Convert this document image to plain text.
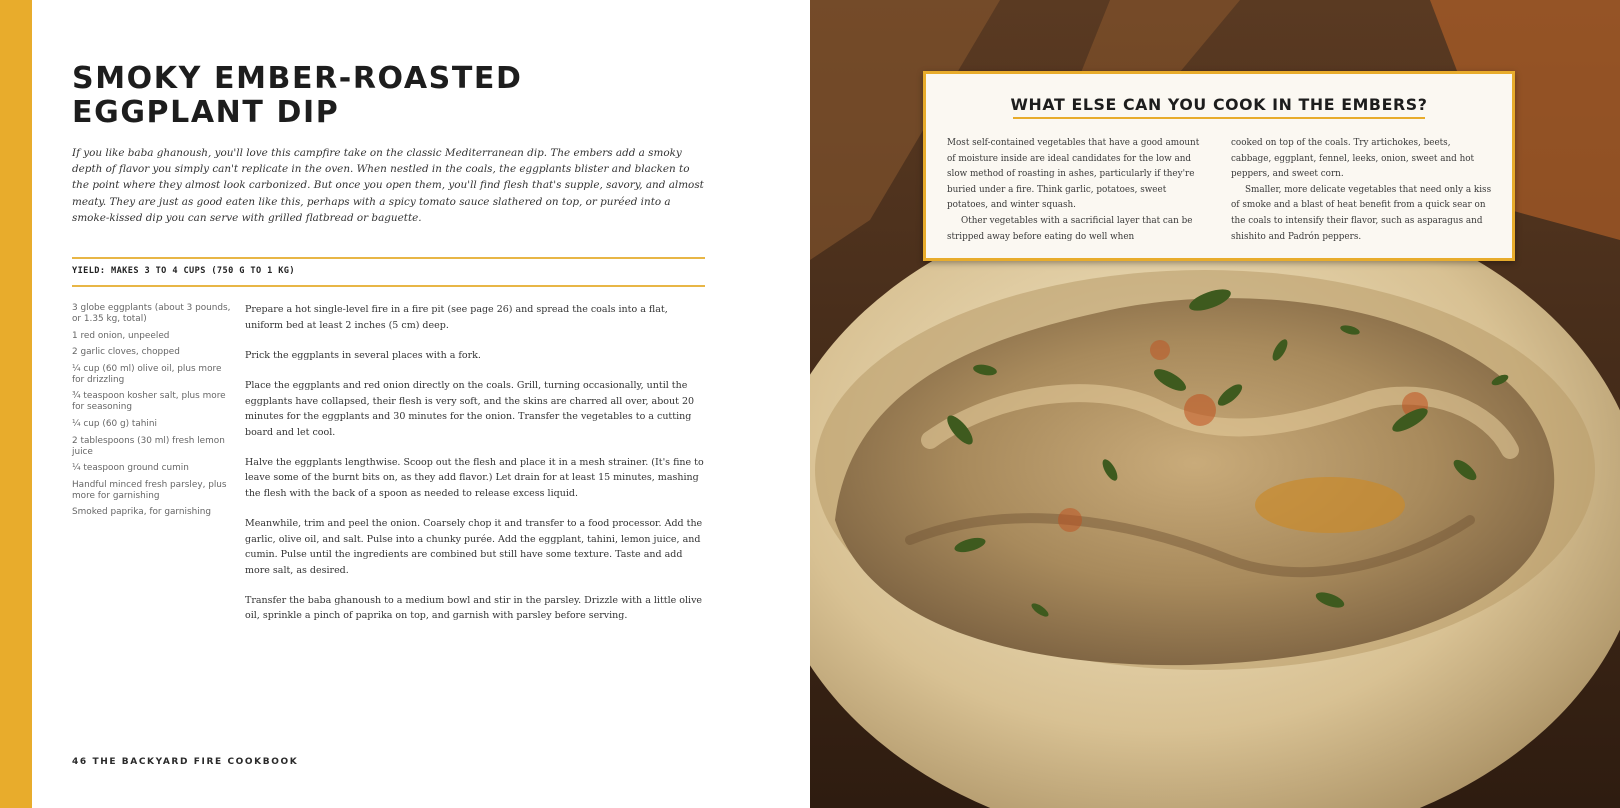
SMOKY EMBER-ROASTED
EGGPLANT DIP

If you like baba ghanoush, you'll love this campfire take on the classic Mediterranean dip. The embers add a smoky depth of flavor you simply can't replicate in the oven. When nestled in the coals, the eggplants blister and blacken to the point where they almost look carbonized. But once you open them, you'll find flesh that's supple, savory, and almost meaty. They are just as good eaten like this, perhaps with a spicy tomato sauce slathered on top, or puréed into a smoke-kissed dip you can serve with grilled flatbread or baguette.

YIELD: MAKES 3 TO 4 CUPS (750 G TO 1 KG)
3 globe eggplants (about 3 pounds, or 1.35 kg, total)
1 red onion, unpeeled
2 garlic cloves, chopped
¼ cup (60 ml) olive oil, plus more for drizzling
¾ teaspoon kosher salt, plus more for seasoning
¼ cup (60 g) tahini
2 tablespoons (30 ml) fresh lemon juice
¼ teaspoon ground cumin
Handful minced fresh parsley, plus more for garnishing
Smoked paprika, for garnishing

Prepare a hot single-level fire in a fire pit (see page 26) and spread the coals into a flat, uniform bed at least 2 inches (5 cm) deep.

Prick the eggplants in several places with a fork.

Place the eggplants and red onion directly on the coals. Grill, turning occasionally, until the eggplants have collapsed, their flesh is very soft, and the skins are charred all over, about 20 minutes for the eggplants and 30 minutes for the onion. Transfer the vegetables to a cutting board and let cool.

Halve the eggplants lengthwise. Scoop out the flesh and place it in a mesh strainer. (It's fine to leave some of the burnt bits on, as they add flavor.) Let drain for at least 15 minutes, mashing the flesh with the back of a spoon as needed to release excess liquid.

Meanwhile, trim and peel the onion. Coarsely chop it and transfer to a food processor. Add the garlic, olive oil, and salt. Pulse into a chunky purée. Add the eggplant, tahini, lemon juice, and cumin. Pulse until the ingredients are combined but still have some texture. Taste and add more salt, as desired.

Transfer the baba ghanoush to a medium bowl and stir in the parsley. Drizzle with a little olive oil, sprinkle a pinch of paprika on top, and garnish with parsley before serving.

46 THE BACKYARD FIRE COOKBOOK
WHAT ELSE CAN YOU COOK IN THE EMBERS?

Most self-contained vegetables that have a good amount of moisture inside are ideal candidates for the low and slow method of roasting in ashes, particularly if they're buried under a fire. Think garlic, potatoes, sweet potatoes, and winter squash.

Other vegetables with a sacrificial layer that can be stripped away before eating do well when

cooked on top of the coals. Try artichokes, beets, cabbage, eggplant, fennel, leeks, onion, sweet and hot peppers, and sweet corn.

Smaller, more delicate vegetables that need only a kiss of smoke and a blast of heat benefit from a quick sear on the coals to intensify their flavor, such as asparagus and shishito and Padrón peppers.
